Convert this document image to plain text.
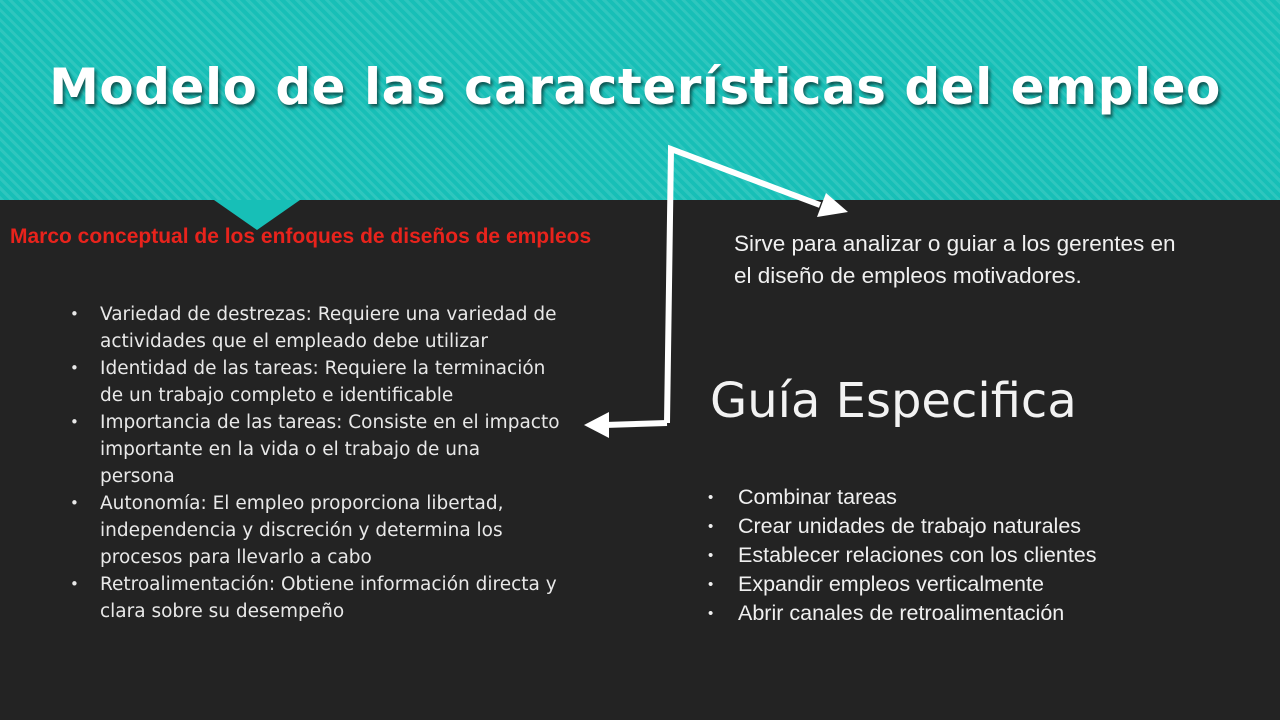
Modelo de las características del empleo
Marco conceptual de los enfoques de diseños de empleos
• Variedad de destrezas: Requiere una variedad de actividades que el empleado debe utilizar
• Identidad de las tareas: Requiere la terminación de un trabajo completo e identificable
• Importancia de las tareas: Consiste en el impacto importante en la vida o el trabajo de una persona
• Autonomía: El empleo proporciona libertad, independencia y discreción y determina los procesos para llevarlo a cabo
• Retroalimentación: Obtiene información directa y clara sobre su desempeño

Sirve para analizar o guiar a los gerentes en el diseño de empleos motivadores.

Guía Especifica
• Combinar tareas
• Crear unidades de trabajo naturales
• Establecer relaciones con los clientes
• Expandir empleos verticalmente
• Abrir canales de retroalimentación
